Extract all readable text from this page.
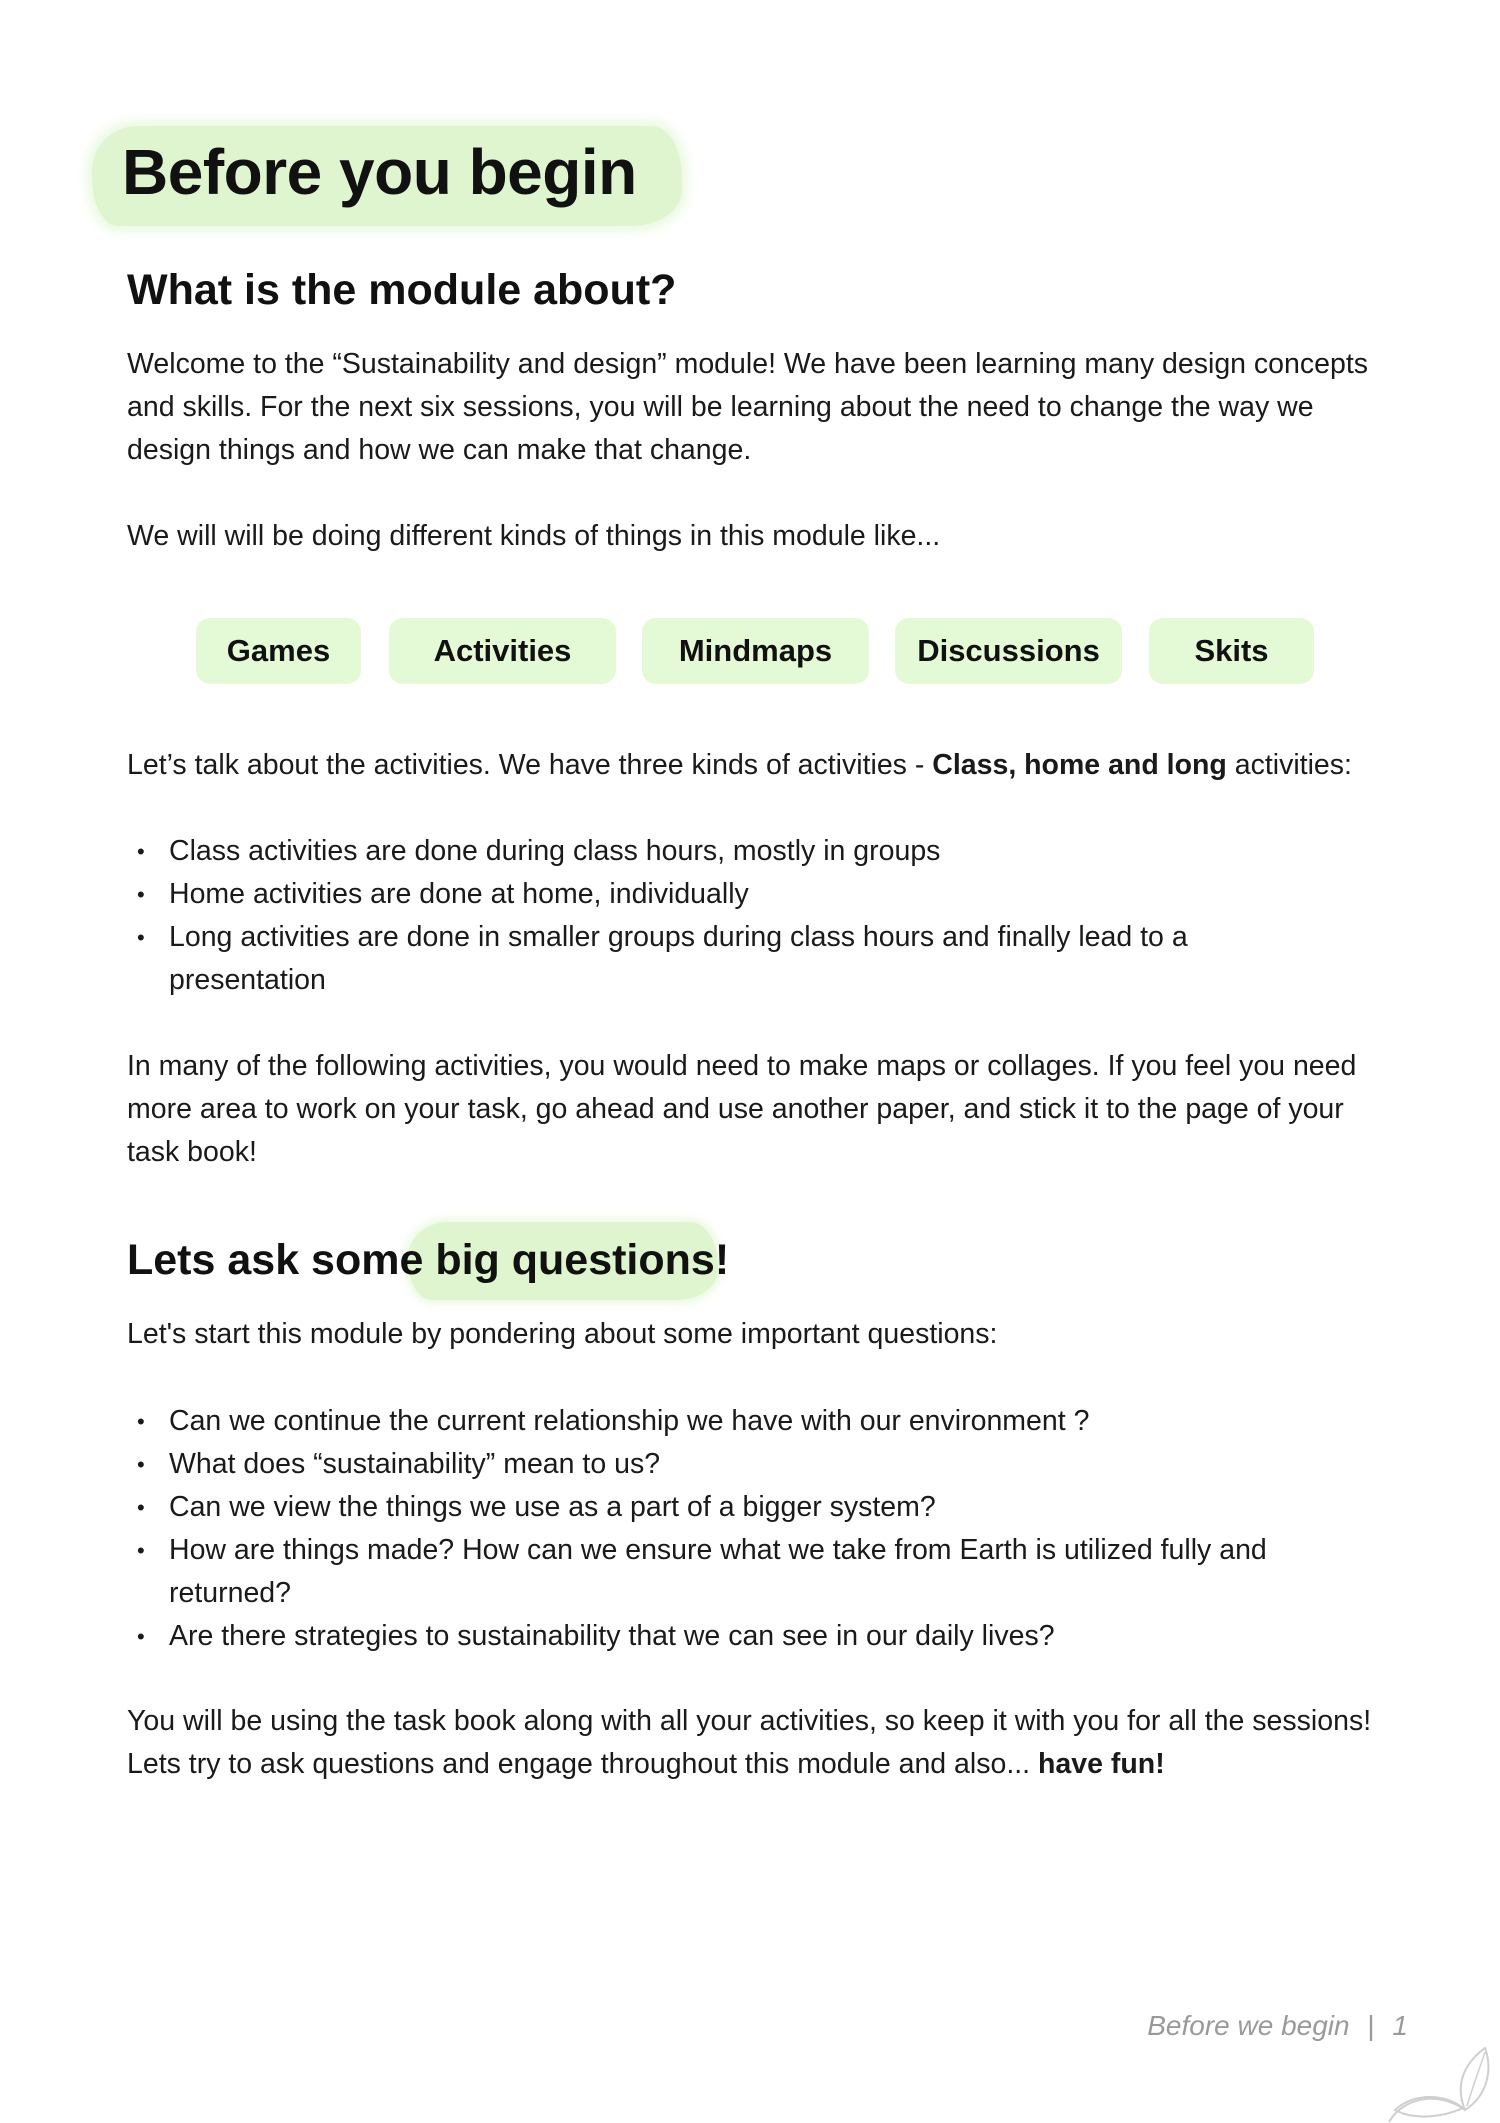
Before you begin
What is the module about?

Welcome to the “Sustainability and design” module! We have been learning many design concepts and skills. For the next six sessions, you will be learning about the need to change the way we design things and how we can make that change.

We will will be doing different kinds of things in this module like...

Games	Activities	Mindmaps	Discussions	Skits

Let’s talk about the activities. We have three kinds of activities - Class, home and long activities:

• Class activities are done during class hours, mostly in groups
• Home activities are done at home, individually
• Long activities are done in smaller groups during class hours and finally lead to a presentation

In many of the following activities, you would need to make maps or collages. If you feel you need more area to work on your task, go ahead and use another paper, and stick it to the page of your task book!

Lets ask some big questions!

Let's start this module by pondering about some important questions:

• Can we continue the current relationship we have with our environment ?
• What does “sustainability” mean to us?
• Can we view the things we use as a part of a bigger system?
• How are things made? How can we ensure what we take from Earth is utilized fully and returned?
• Are there strategies to sustainability that we can see in our daily lives?

You will be using the task book along with all your activities, so keep it with you for all the sessions! Lets try to ask questions and engage throughout this module and also... have fun!

Before we begin | 1
